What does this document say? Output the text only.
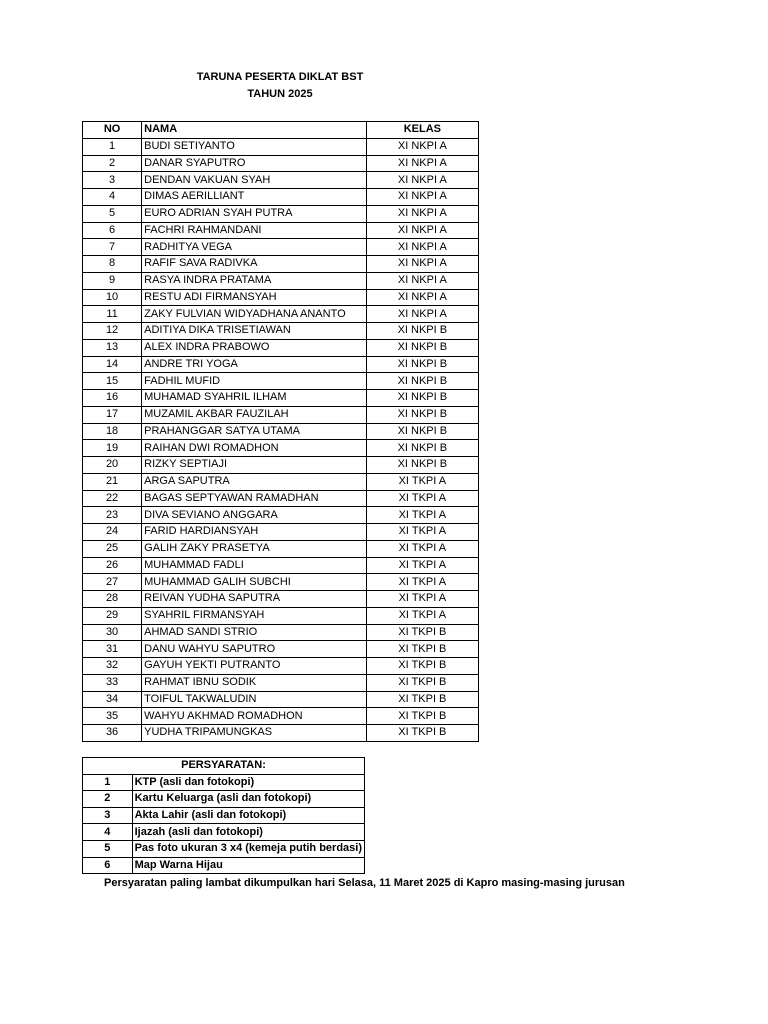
TARUNA PESERTA DIKLAT BST
TAHUN 2025
NO	NAMA	KELAS
1	BUDI SETIYANTO	XI NKPI A
2	DANAR SYAPUTRO	XI NKPI A
3	DENDAN VAKUAN SYAH	XI NKPI A
4	DIMAS AERILLIANT	XI NKPI A
5	EURO ADRIAN SYAH PUTRA	XI NKPI A
6	FACHRI RAHMANDANI	XI NKPI A
7	RADHITYA VEGA	XI NKPI A
8	RAFIF SAVA RADIVKA	XI NKPI A
9	RASYA INDRA PRATAMA	XI NKPI A
10	RESTU ADI FIRMANSYAH	XI NKPI A
11	ZAKY FULVIAN WIDYADHANA ANANTO	XI NKPI A
12	ADITIYA DIKA TRISETIAWAN	XI NKPI B
13	ALEX INDRA PRABOWO	XI NKPI B
14	ANDRE TRI YOGA	XI NKPI B
15	FADHIL MUFID	XI NKPI B
16	MUHAMAD SYAHRIL ILHAM	XI NKPI B
17	MUZAMIL AKBAR FAUZILAH	XI NKPI B
18	PRAHANGGAR SATYA UTAMA	XI NKPI B
19	RAIHAN DWI ROMADHON	XI NKPI B
20	RIZKY SEPTIAJI	XI NKPI B
21	ARGA SAPUTRA	XI TKPI A
22	BAGAS SEPTYAWAN RAMADHAN	XI TKPI A
23	DIVA SEVIANO ANGGARA	XI TKPI A
24	FARID HARDIANSYAH	XI TKPI A
25	GALIH ZAKY PRASETYA	XI TKPI A
26	MUHAMMAD FADLI	XI TKPI A
27	MUHAMMAD GALIH SUBCHI	XI TKPI A
28	REIVAN YUDHA SAPUTRA	XI TKPI A
29	SYAHRIL FIRMANSYAH	XI TKPI A
30	AHMAD SANDI STRIO	XI TKPI B
31	DANU WAHYU SAPUTRO	XI TKPI B
32	GAYUH YEKTI PUTRANTO	XI TKPI B
33	RAHMAT IBNU SODIK	XI TKPI B
34	TOIFUL TAKWALUDIN	XI TKPI B
35	WAHYU AKHMAD ROMADHON	XI TKPI B
36	YUDHA TRIPAMUNGKAS	XI TKPI B
PERSYARATAN:	
1	KTP (asli dan fotokopi)
2	Kartu Keluarga (asli dan fotokopi)
3	Akta Lahir (asli dan fotokopi)
4	Ijazah (asli dan fotokopi)
5	Pas foto ukuran 3 x4 (kemeja putih berdasi)
6	Map Warna Hijau
Persyaratan paling lambat dikumpulkan hari Selasa, 11 Maret 2025 di Kapro masing-masing jurusan
